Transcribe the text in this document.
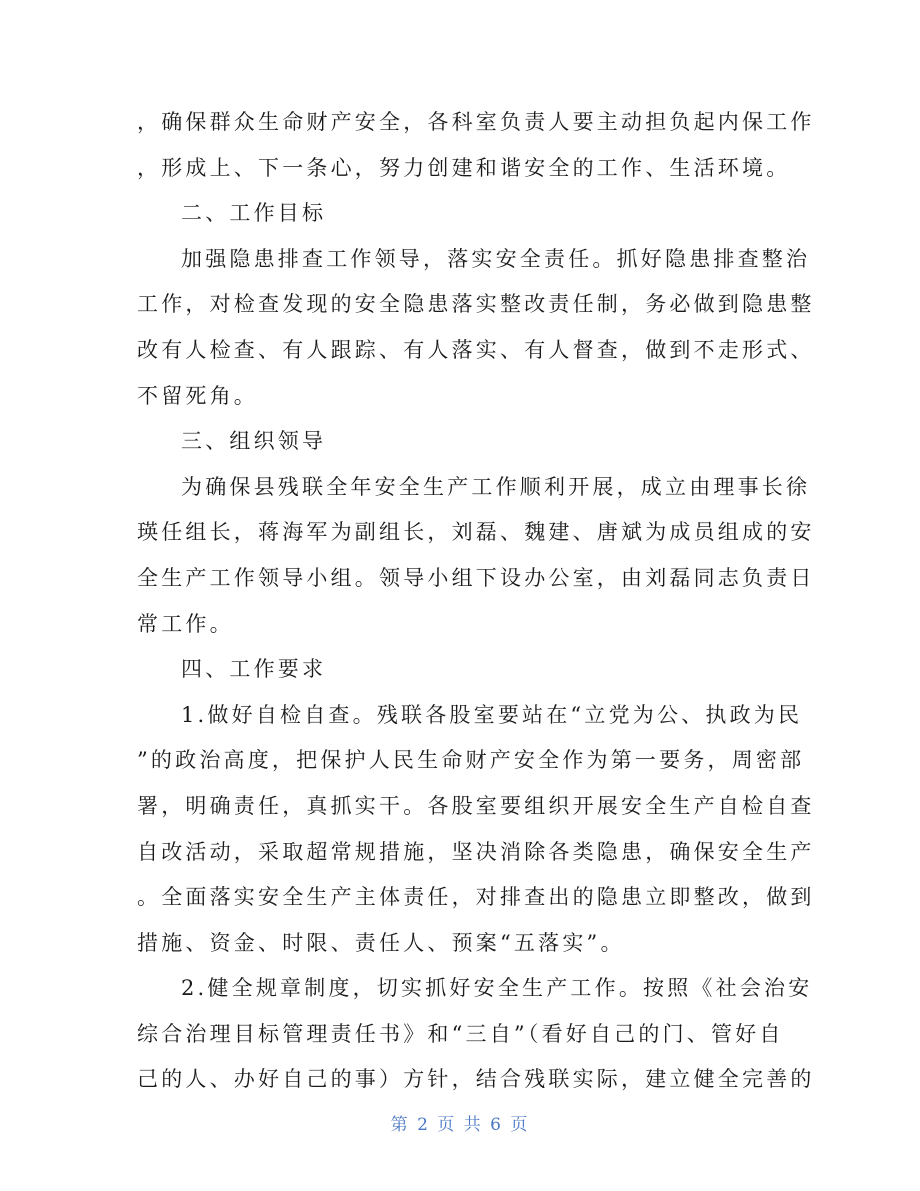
，确保群众生命财产安全，各科室负责人要主动担负起内保工作
，形成上、下一条心，努力创建和谐安全的工作、生活环境。
二、工作目标
加强隐患排查工作领导，落实安全责任。抓好隐患排查整治
工作，对检查发现的安全隐患落实整改责任制，务必做到隐患整
改有人检查、有人跟踪、有人落实、有人督查，做到不走形式、
不留死角。
三、组织领导
为确保县残联全年安全生产工作顺利开展，成立由理事长徐
瑛任组长，蒋海军为副组长，刘磊、魏建、唐斌为成员组成的安
全生产工作领导小组。领导小组下设办公室，由刘磊同志负责日
常工作。
四、工作要求
1.做好自检自查。残联各股室要站在“立党为公、执政为民
”的政治高度，把保护人民生命财产安全作为第一要务，周密部
署，明确责任，真抓实干。各股室要组织开展安全生产自检自查
自改活动，采取超常规措施，坚决消除各类隐患，确保安全生产
。全面落实安全生产主体责任，对排查出的隐患立即整改，做到
措施、资金、时限、责任人、预案“五落实”。
2.健全规章制度，切实抓好安全生产工作。按照《社会治安
综合治理目标管理责任书》和“三自”（看好自己的门、管好自
己的人、办好自己的事）方针，结合残联实际，建立健全完善的
第 2 页 共 6 页
